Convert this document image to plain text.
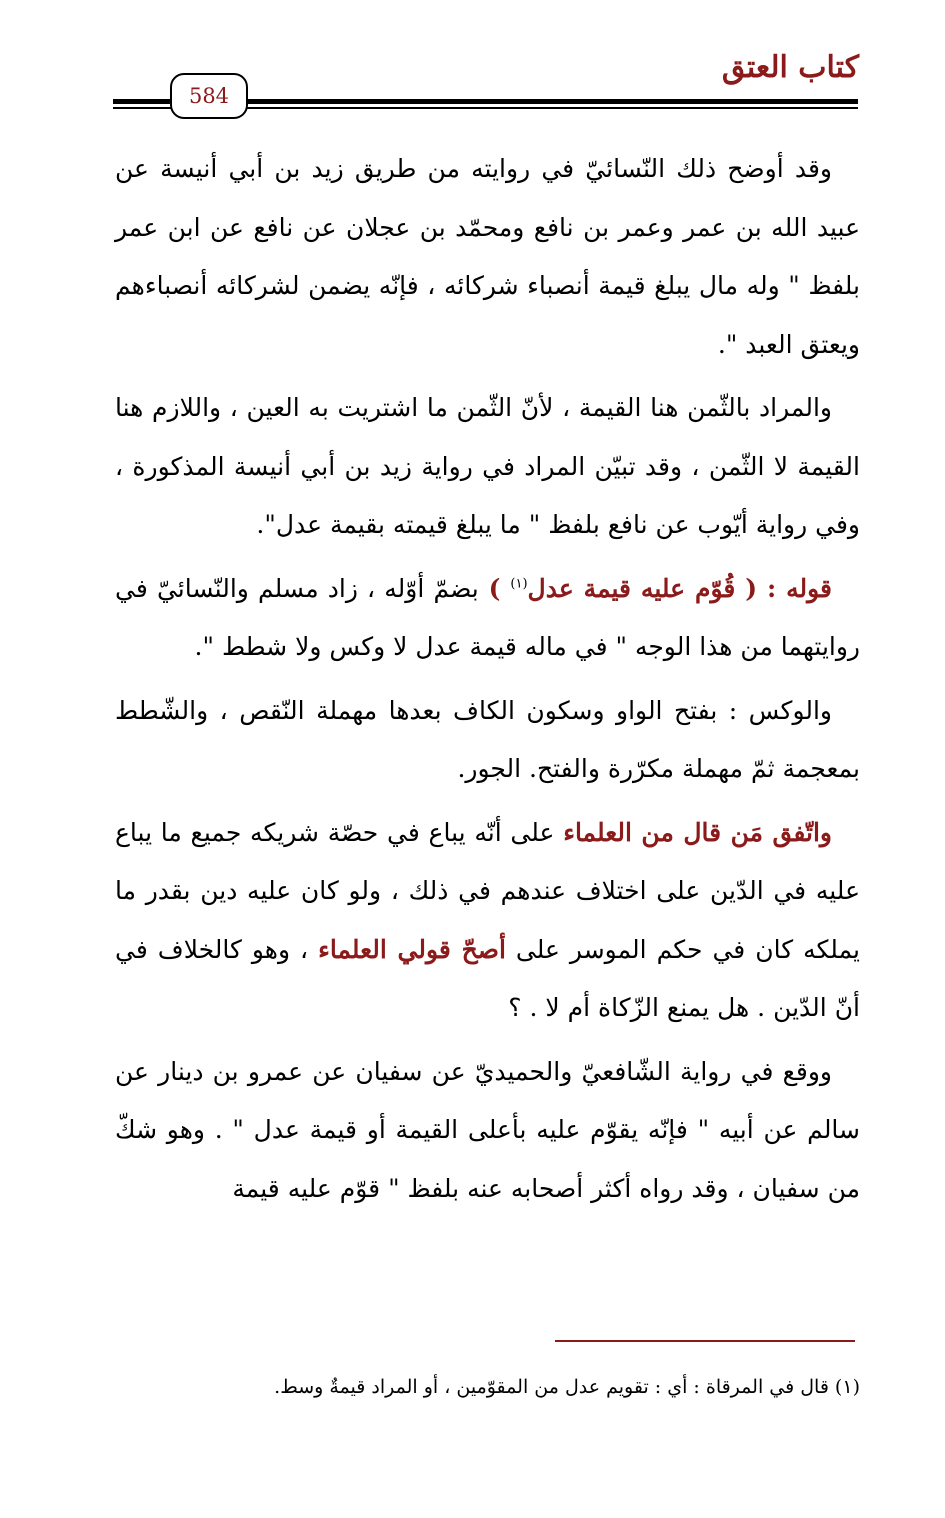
584
كتاب العتق

وقد أوضح ذلك النّسائيّ في روايته من طريق زيد بن أبي أنيسة عن عبيد الله بن عمر وعمر بن نافع ومحمّد بن عجلان عن نافع عن ابن عمر بلفظ " وله مال يبلغ قيمة أنصباء شركائه ، فإنّه يضمن لشركائه أنصباءهم ويعتق العبد ".

والمراد بالثّمن هنا القيمة ، لأنّ الثّمن ما اشتريت به العين ، واللازم هنا القيمة لا الثّمن ، وقد تبيّن المراد في رواية زيد بن أبي أنيسة المذكورة ، وفي رواية أيّوب عن نافع بلفظ " ما يبلغ قيمته بقيمة عدل".

قوله : ( قُوّم عليه قيمة عدل$^{(١)}$ ) بضمّ أوّله ، زاد مسلم والنّسائيّ في روايتهما من هذا الوجه " في ماله قيمة عدل لا وكس ولا شطط ".

والوكس : بفتح الواو وسكون الكاف بعدها مهملة النّقص ، والشّطط بمعجمة ثمّ مهملة مكرّرة والفتح. الجور.

واتّفق مَن قال من العلماء على أنّه يباع في حصّة شريكه جميع ما يباع عليه في الدّين على اختلاف عندهم في ذلك ، ولو كان عليه دين بقدر ما يملكه كان في حكم الموسر على أصحّ قولي العلماء ، وهو كالخلاف في أنّ الدّين . هل يمنع الزّكاة أم لا . ؟

ووقع في رواية الشّافعيّ والحميديّ عن سفيان عن عمرو بن دينار عن سالم عن أبيه " فإنّه يقوّم عليه بأعلى القيمة أو قيمة عدل " . وهو شكّ من سفيان ، وقد رواه أكثر أصحابه عنه بلفظ " قوّم عليه قيمة

(١) قال في المرقاة : أي : تقويم عدل من المقوّمين ، أو المراد قيمةٌ وسط.
